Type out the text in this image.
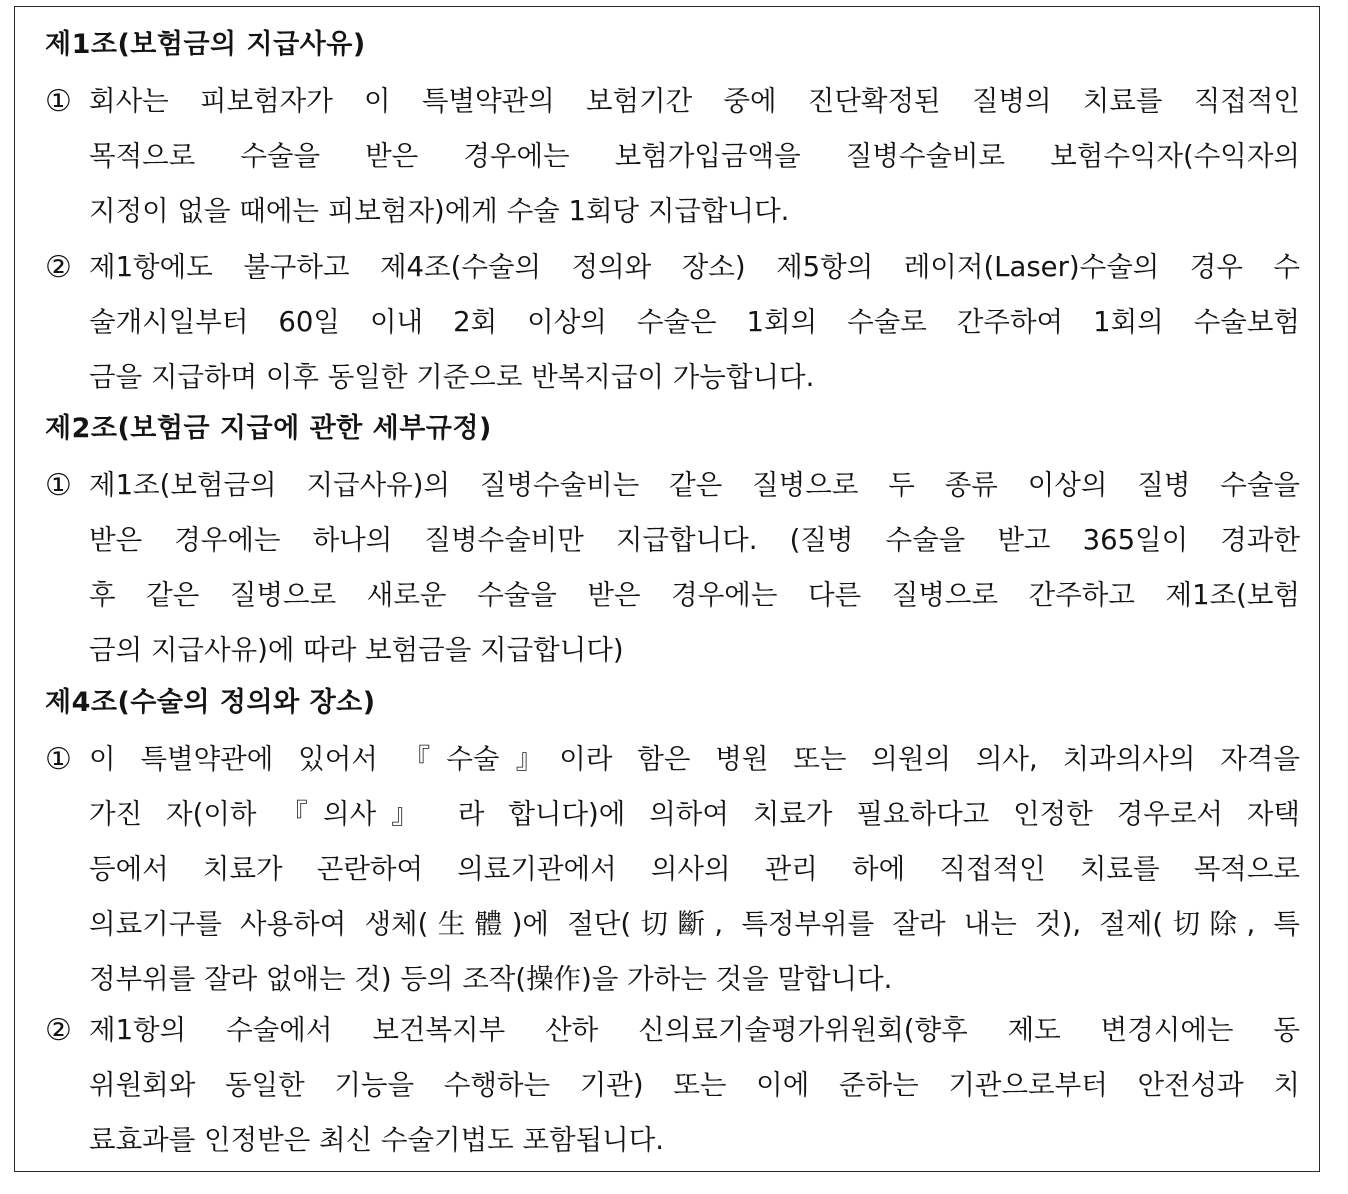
제1조(보험금의 지급사유)
① 회사는 피보험자가 이 특별약관의 보험기간 중에 진단확정된 질병의 치료를 직접적인
목적으로 수술을 받은 경우에는 보험가입금액을 질병수술비로 보험수익자(수익자의
지정이 없을 때에는 피보험자)에게 수술 1회당 지급합니다.
② 제1항에도 불구하고 제4조(수술의 정의와 장소) 제5항의 레이저(Laser)수술의 경우 수
술개시일부터 60일 이내 2회 이상의 수술은 1회의 수술로 간주하여 1회의 수술보험
금을 지급하며 이후 동일한 기준으로 반복지급이 가능합니다.
제2조(보험금 지급에 관한 세부규정)
① 제1조(보험금의 지급사유)의 질병수술비는 같은 질병으로 두 종류 이상의 질병 수술을
받은 경우에는 하나의 질병수술비만 지급합니다. (질병 수술을 받고 365일이 경과한
후 같은 질병으로 새로운 수술을 받은 경우에는 다른 질병으로 간주하고 제1조(보험
금의 지급사유)에 따라 보험금을 지급합니다)
제4조(수술의 정의와 장소)
① 이 특별약관에 있어서 『수술』이라 함은 병원 또는 의원의 의사, 치과의사의 자격을
가진 자(이하 『의사』 라 합니다)에 의하여 치료가 필요하다고 인정한 경우로서 자택
등에서 치료가 곤란하여 의료기관에서 의사의 관리 하에 직접적인 치료를 목적으로
의료기구를 사용하여 생체(生體)에 절단(切斷, 특정부위를 잘라 내는 것), 절제(切除, 특
정부위를 잘라 없애는 것) 등의 조작(操作)을 가하는 것을 말합니다.
② 제1항의 수술에서 보건복지부 산하 신의료기술평가위원회(향후 제도 변경시에는 동
위원회와 동일한 기능을 수행하는 기관) 또는 이에 준하는 기관으로부터 안전성과 치
료효과를 인정받은 최신 수술기법도 포함됩니다.
